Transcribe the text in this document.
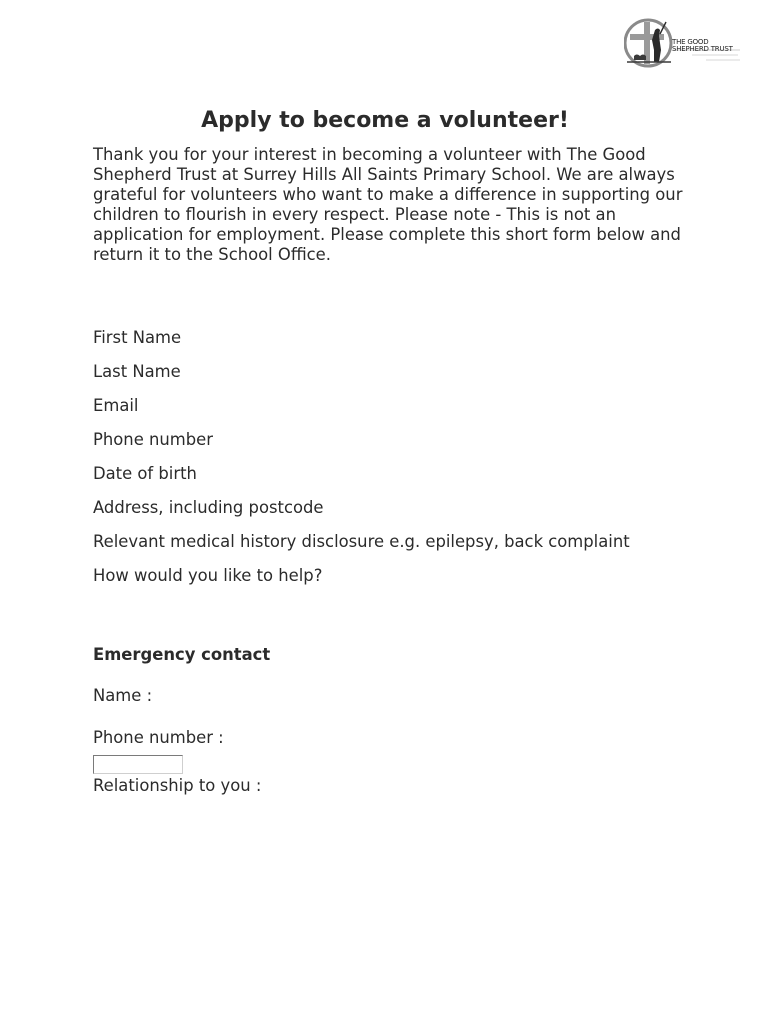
THE GOOD
SHEPHERD TRUST
Apply to become a volunteer!

Thank you for your interest in becoming a volunteer with The Good Shepherd Trust at Surrey Hills All Saints Primary School. We are always grateful for volunteers who want to make a difference in supporting our children to flourish in every respect. Please note - This is not an application for employment. Please complete this short form below and return it to the School Office.

First Name
Last Name
Email
Phone number
Date of birth
Address, including postcode
Relevant medical history disclosure e.g. epilepsy, back complaint
How would you like to help?
Emergency contact
Name :
Phone number :
Relationship to you :
